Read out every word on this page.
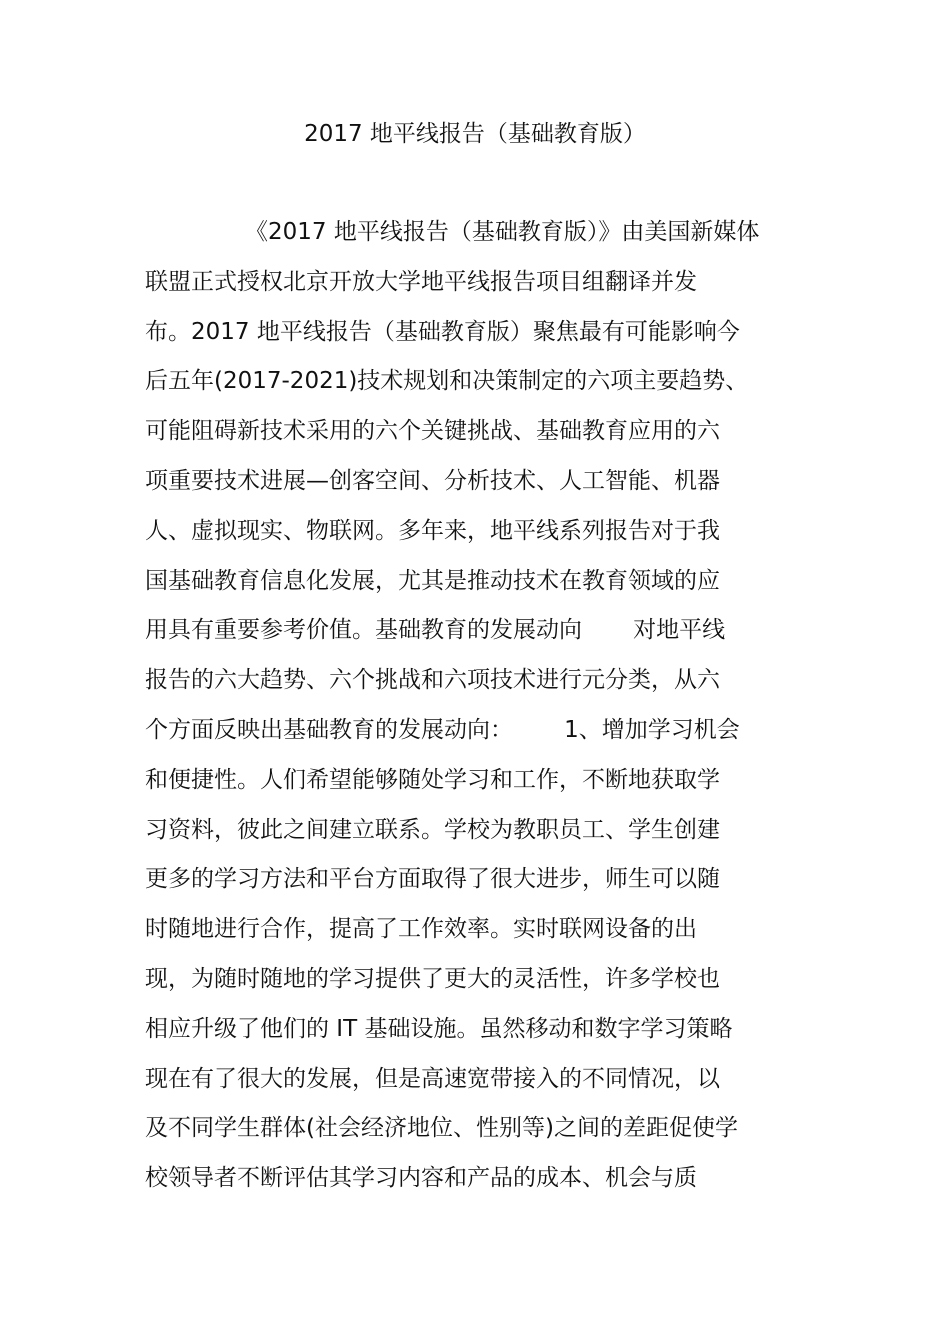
2017 地平线报告（基础教育版）
《2017 地平线报告（基础教育版）》由美国新媒体
联盟正式授权北京开放大学地平线报告项目组翻译并发
布。2017 地平线报告（基础教育版）聚焦最有可能影响今
后五年(2017-2021)技术规划和决策制定的六项主要趋势、
可能阻碍新技术采用的六个关键挑战、基础教育应用的六
项重要技术进展—创客空间、分析技术、人工智能、机器
人、虚拟现实、物联网。多年来，地平线系列报告对于我
国基础教育信息化发展，尤其是推动技术在教育领域的应
用具有重要参考价值。基础教育的发展动向       对地平线
报告的六大趋势、六个挑战和六项技术进行元分类，从六
个方面反映出基础教育的发展动向：       1、增加学习机会
和便捷性。人们希望能够随处学习和工作，不断地获取学
习资料，彼此之间建立联系。学校为教职员工、学生创建
更多的学习方法和平台方面取得了很大进步，师生可以随
时随地进行合作，提高了工作效率。实时联网设备的出
现，为随时随地的学习提供了更大的灵活性，许多学校也
相应升级了他们的 IT 基础设施。虽然移动和数字学习策略
现在有了很大的发展，但是高速宽带接入的不同情况，以
及不同学生群体(社会经济地位、性别等)之间的差距促使学
校领导者不断评估其学习内容和产品的成本、机会与质
